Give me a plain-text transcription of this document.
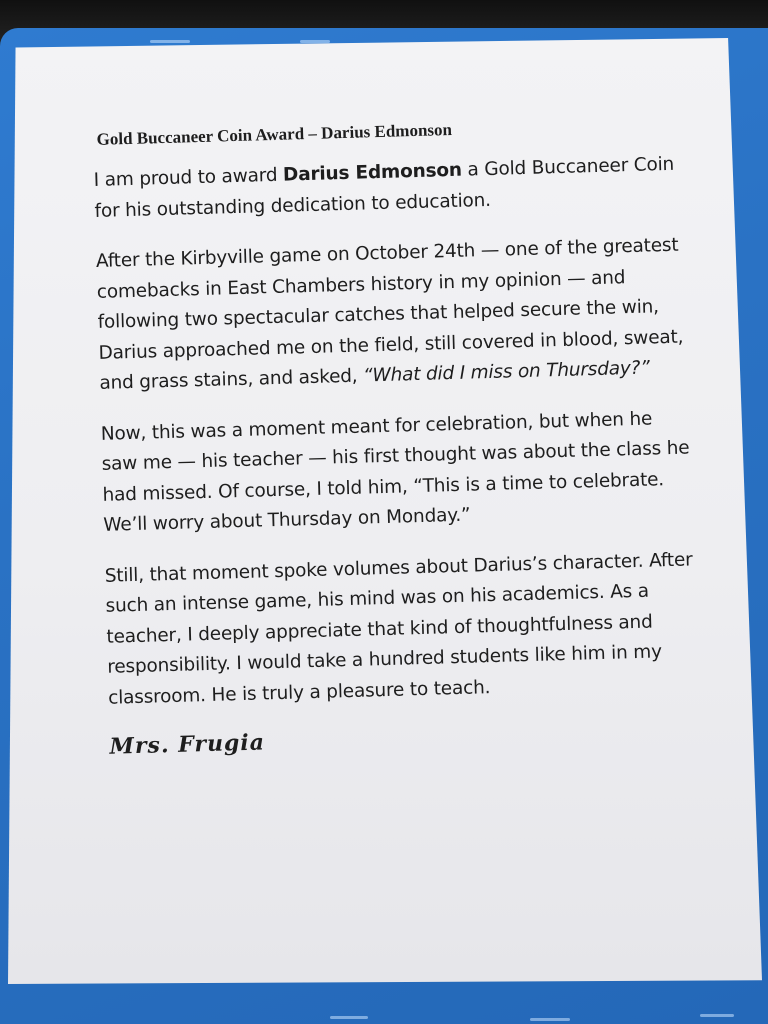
Gold Buccaneer Coin Award – Darius Edmonson

I am proud to award Darius Edmonson a Gold Buccaneer Coin for his outstanding dedication to education.

After the Kirbyville game on October 24th — one of the greatest comebacks in East Chambers history in my opinion — and following two spectacular catches that helped secure the win, Darius approached me on the field, still covered in blood, sweat, and grass stains, and asked, “What did I miss on Thursday?”

Now, this was a moment meant for celebration, but when he saw me — his teacher — his first thought was about the class he had missed. Of course, I told him, “This is a time to celebrate. We’ll worry about Thursday on Monday.”

Still, that moment spoke volumes about Darius’s character. After such an intense game, his mind was on his academics. As a teacher, I deeply appreciate that kind of thoughtfulness and responsibility. I would take a hundred students like him in my classroom. He is truly a pleasure to teach.

Mrs. Frugia
